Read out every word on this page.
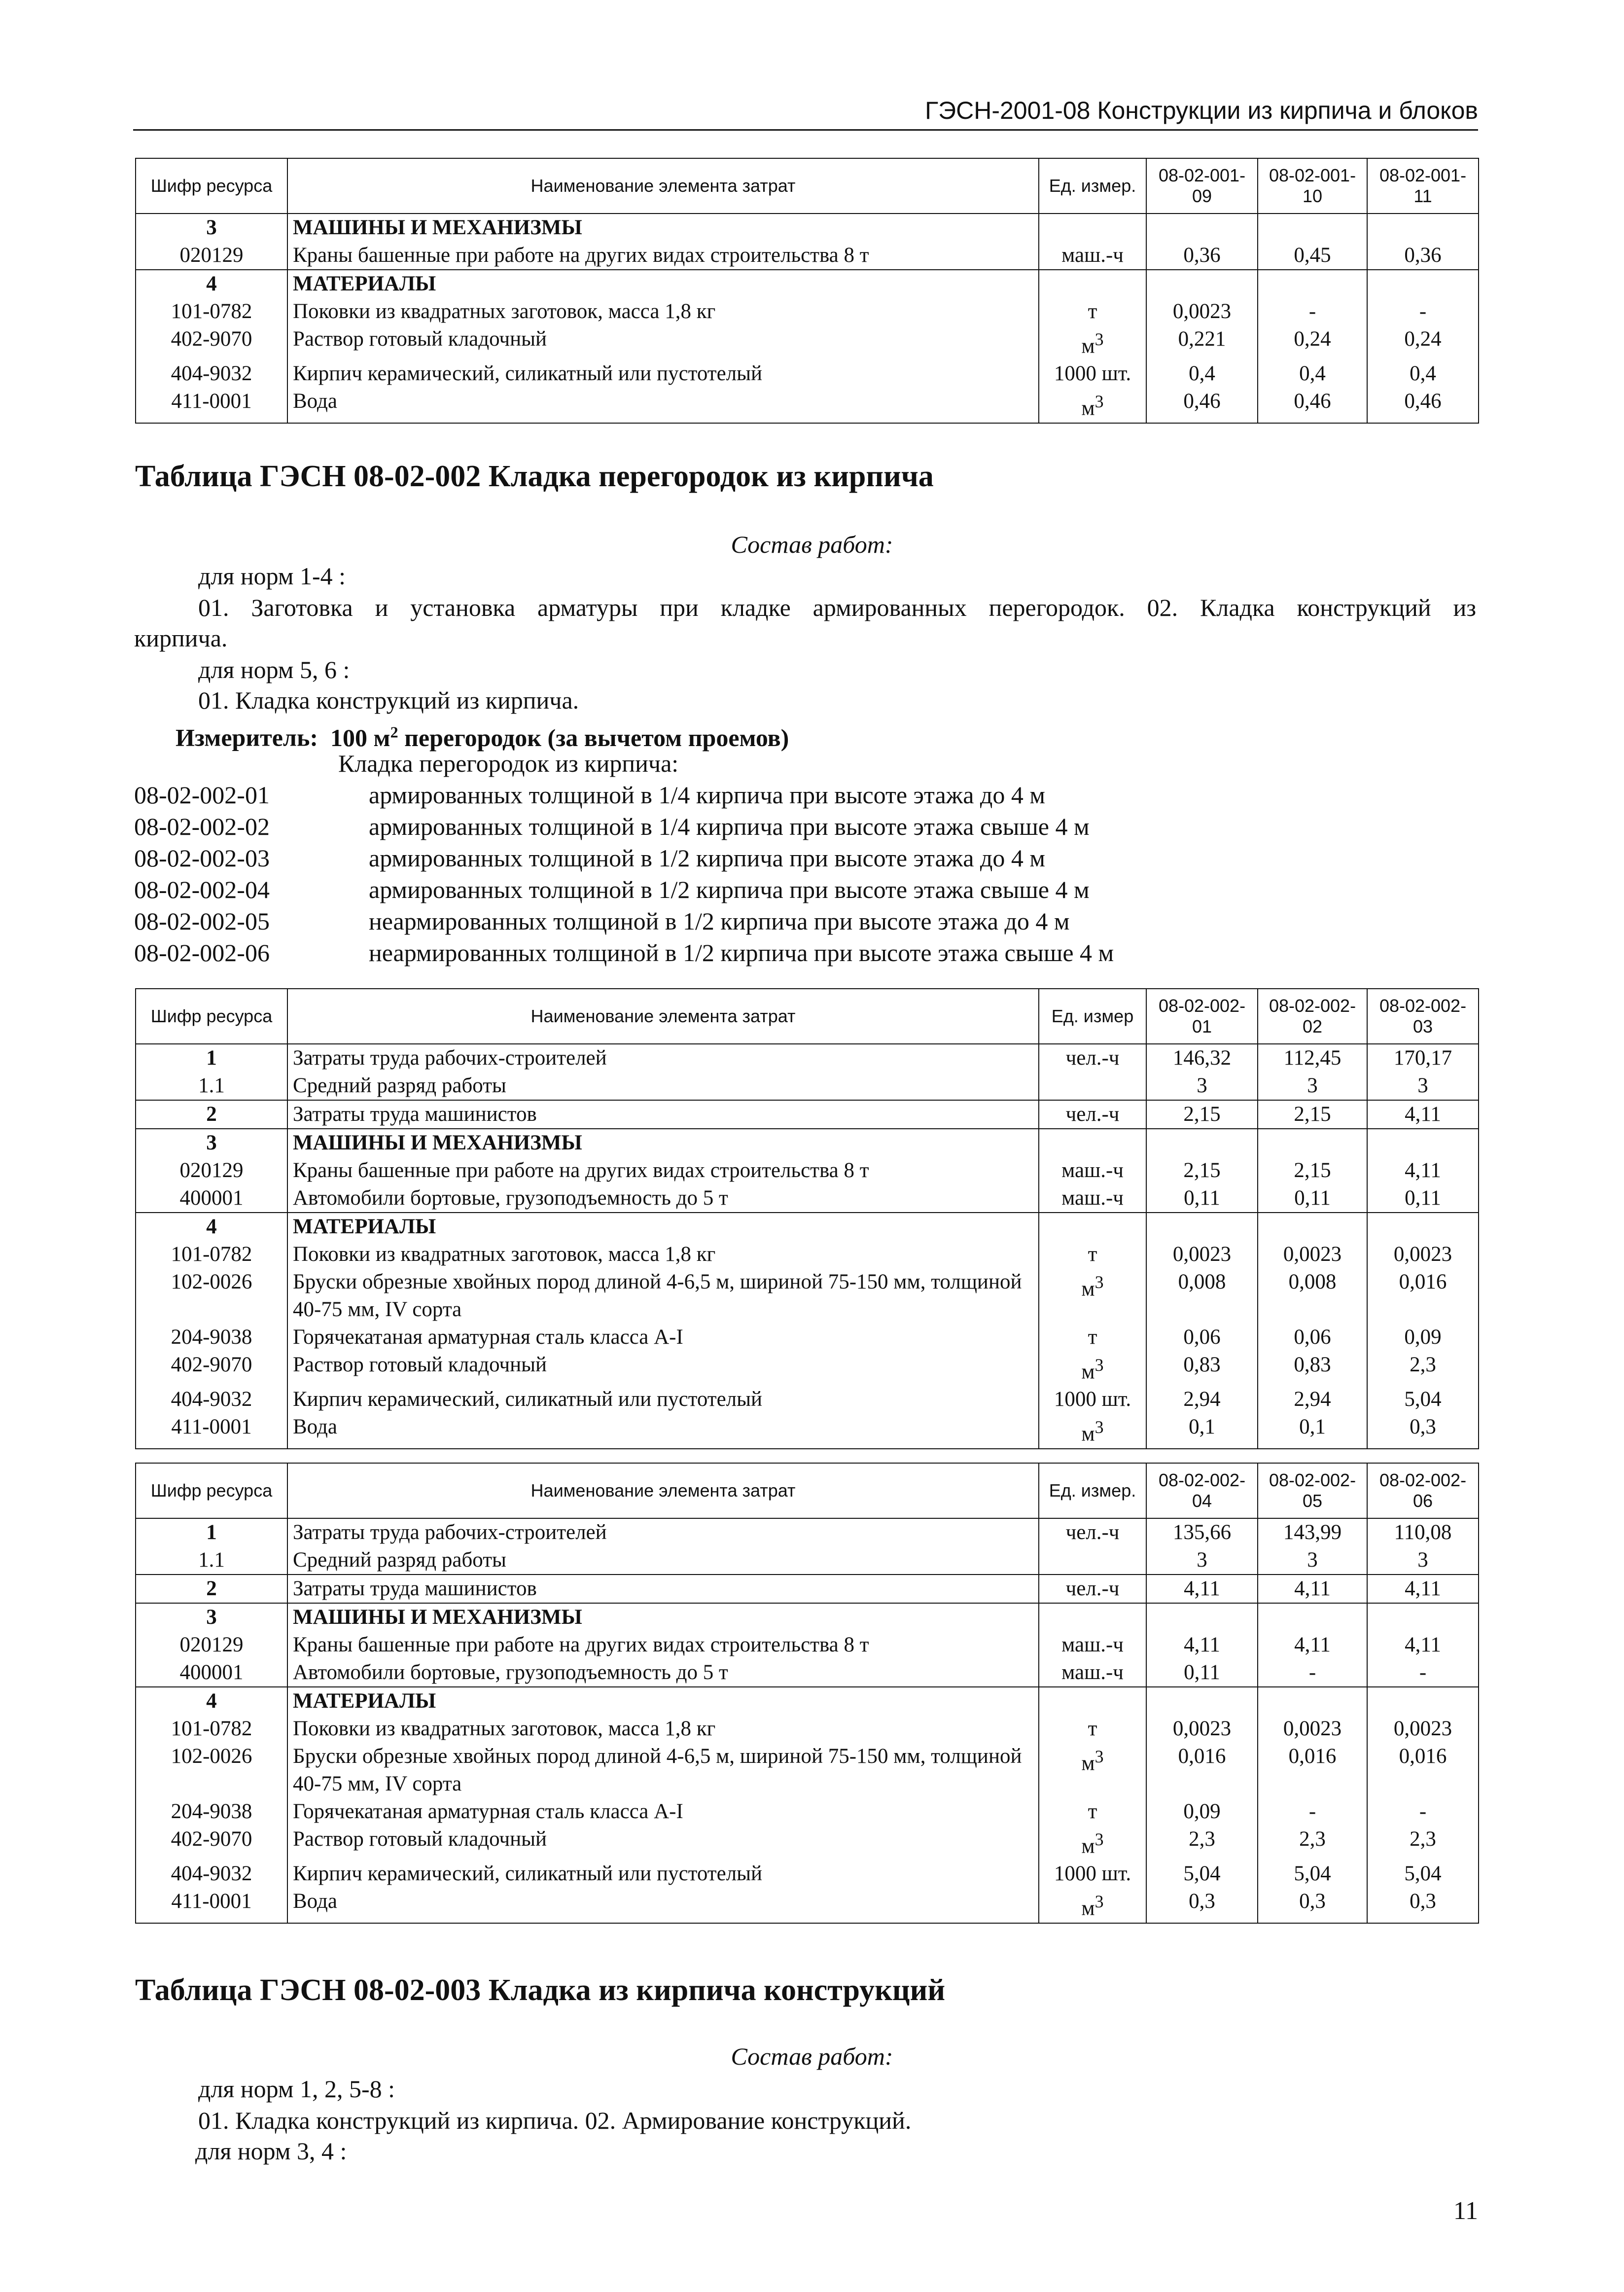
ГЭСН-2001-08 Конструкции из кирпича и блоков
Шифр ресурса	Наименование элемента затрат	Ед. измер.	08-02-001-09	08-02-001-10	08-02-001-11
3	МАШИНЫ И МЕХАНИЗМЫ				
020129	Краны башенные при работе на других видах строительства 8 т	маш.-ч	0,36	0,45	0,36
4	МАТЕРИАЛЫ				
101-0782	Поковки из квадратных заготовок, масса 1,8 кг	т	0,0023	-	-
402-9070	Раствор готовый кладочный	$м^3$	0,221	0,24	0,24
404-9032	Кирпич керамический, силикатный или пустотелый	1000 шт.	0,4	0,4	0,4
411-0001	Вода	$м^3$	0,46	0,46	0,46
Таблица ГЭСН 08-02-002 Кладка перегородок из кирпича
Состав работ:
для норм 1-4 :
01. Заготовка и установка арматуры при кладке армированных перегородок. 02. Кладка конструкций из
кирпича.
для норм 5, 6 :
01. Кладка конструкций из кирпича.
Измеритель: 100 $м^2$ перегородок (за вычетом проемов)
Кладка перегородок из кирпича:
08-02-002-01	армированных толщиной в 1/4 кирпича при высоте этажа до 4 м
08-02-002-02	армированных толщиной в 1/4 кирпича при высоте этажа свыше 4 м
08-02-002-03	армированных толщиной в 1/2 кирпича при высоте этажа до 4 м
08-02-002-04	армированных толщиной в 1/2 кирпича при высоте этажа свыше 4 м
08-02-002-05	неармированных толщиной в 1/2 кирпича при высоте этажа до 4 м
08-02-002-06	неармированных толщиной в 1/2 кирпича при высоте этажа свыше 4 м
Шифр ресурса	Наименование элемента затрат	Ед. измер	08-02-002-01	08-02-002-02	08-02-002-03
1	Затраты труда рабочих-строителей	чел.-ч	146,32	112,45	170,17
1.1	Средний разряд работы		3	3	3
2	Затраты труда машинистов	чел.-ч	2,15	2,15	4,11
3	МАШИНЫ И МЕХАНИЗМЫ				
020129	Краны башенные при работе на других видах строительства 8 т	маш.-ч	2,15	2,15	4,11
400001	Автомобили бортовые, грузоподъемность до 5 т	маш.-ч	0,11	0,11	0,11
4	МАТЕРИАЛЫ				
101-0782	Поковки из квадратных заготовок, масса 1,8 кг	т	0,0023	0,0023	0,0023
102-0026	Бруски обрезные хвойных пород длиной 4-6,5 м, шириной 75-150 мм, толщиной 40-75 мм, IV сорта	$м^3$	0,008	0,008	0,016
204-9038	Горячекатаная арматурная сталь класса А-I	т	0,06	0,06	0,09
402-9070	Раствор готовый кладочный	$м^3$	0,83	0,83	2,3
404-9032	Кирпич керамический, силикатный или пустотелый	1000 шт.	2,94	2,94	5,04
411-0001	Вода	$м^3$	0,1	0,1	0,3
Шифр ресурса	Наименование элемента затрат	Ед. измер.	08-02-002-04	08-02-002-05	08-02-002-06
1	Затраты труда рабочих-строителей	чел.-ч	135,66	143,99	110,08
1.1	Средний разряд работы		3	3	3
2	Затраты труда машинистов	чел.-ч	4,11	4,11	4,11
3	МАШИНЫ И МЕХАНИЗМЫ				
020129	Краны башенные при работе на других видах строительства 8 т	маш.-ч	4,11	4,11	4,11
400001	Автомобили бортовые, грузоподъемность до 5 т	маш.-ч	0,11	-	-
4	МАТЕРИАЛЫ				
101-0782	Поковки из квадратных заготовок, масса 1,8 кг	т	0,0023	0,0023	0,0023
102-0026	Бруски обрезные хвойных пород длиной 4-6,5 м, шириной 75-150 мм, толщиной 40-75 мм, IV сорта	$м^3$	0,016	0,016	0,016
204-9038	Горячекатаная арматурная сталь класса А-I	т	0,09	-	-
402-9070	Раствор готовый кладочный	$м^3$	2,3	2,3	2,3
404-9032	Кирпич керамический, силикатный или пустотелый	1000 шт.	5,04	5,04	5,04
411-0001	Вода	$м^3$	0,3	0,3	0,3
Таблица ГЭСН 08-02-003 Кладка из кирпича конструкций
Состав работ:
для норм 1, 2, 5-8 :
01. Кладка конструкций из кирпича. 02. Армирование конструкций.
для норм 3, 4 :
11
